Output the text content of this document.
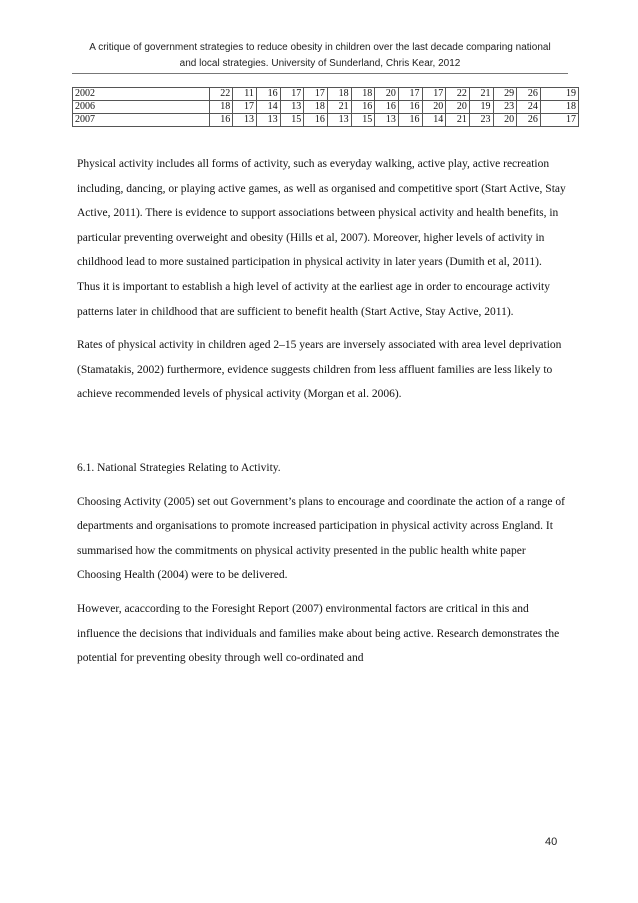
A critique of government strategies to reduce obesity in children over the last decade comparing national
and local strategies. University of Sunderland, Chris Kear, 2012
2002	22	11	16	17	17	18	18	20	17	17	22	21	29	26	19
2006	18	17	14	13	18	21	16	16	16	20	20	19	23	24	18
2007	16	13	13	15	16	13	15	13	16	14	21	23	20	26	17

Physical activity includes all forms of activity, such as everyday walking, active play, active recreation including, dancing, or playing active games, as well as organised and competitive sport (Start Active, Stay Active, 2011). There is evidence to support associations between physical activity and health benefits, in particular preventing overweight and obesity (Hills et al, 2007). Moreover, higher levels of activity in childhood lead to more sustained participation in physical activity in later years (Dumith et al, 2011). Thus it is important to establish a high level of activity at the earliest age in order to encourage activity patterns later in childhood that are sufficient to benefit health (Start Active, Stay Active, 2011).

Rates of physical activity in children aged 2–15 years are inversely associated with area level deprivation (Stamatakis, 2002) furthermore, evidence suggests children from less affluent families are less likely to achieve recommended levels of physical activity (Morgan et al. 2006).

6.1. National Strategies Relating to Activity.

Choosing Activity (2005) set out Government’s plans to encourage and coordinate the action of a range of departments and organisations to promote increased participation in physical activity across England. It summarised how the commitments on physical activity presented in the public health white paper Choosing Health (2004) were to be delivered.

However, acaccording to the Foresight Report (2007) environmental factors are critical in this and influence the decisions that individuals and families make about being active. Research demonstrates the potential for preventing obesity through well co-ordinated and

40
